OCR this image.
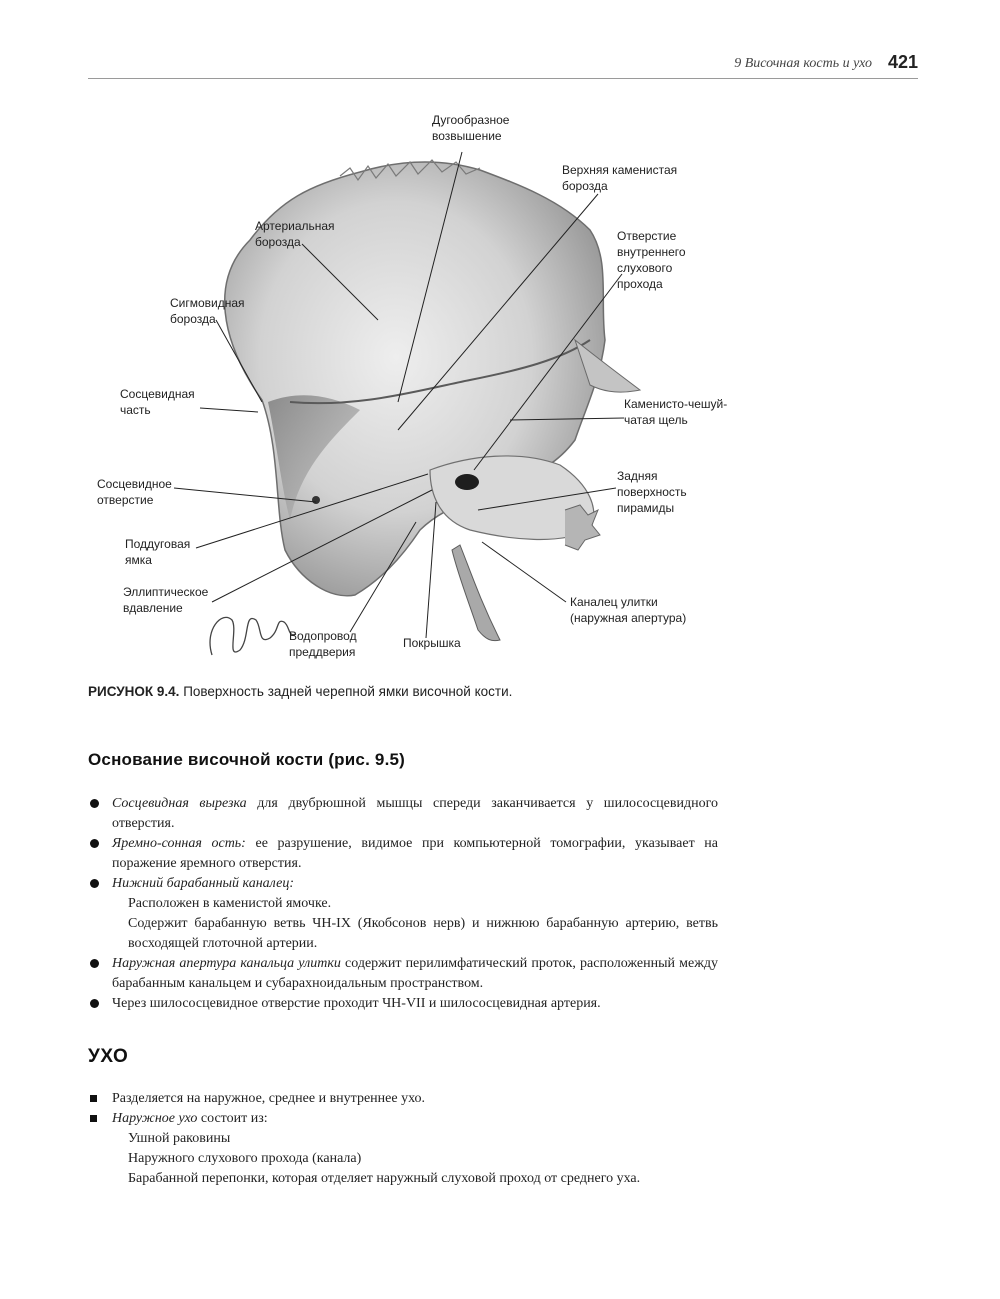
9 Височная кость и ухо 421
Дугообразное
возвышение
Верхняя каменистая
борозда
Артериальная
борозда	Отверстие
внутреннего
слухового
прохода
Сигмовидная
борозда
Сосцевидная
часть	Каменисто-чешуй-
чатая щель
Сосцевидное
отверстие
Задняя
поверхность
пирамиды
Поддуговая
ямка
Эллиптическое
вдавление	Каналец улитки
(наружная апертура)
Водопровод
преддверия
Покрышка
РИСУНОК 9.4. Поверхность задней черепной ямки височной кости.
Основание височной кости (рис. 9.5)
Сосцевидная вырезка для двубрюшной мышцы спереди заканчивается у шилососцевидного отверстия.
Яремно-сонная ость: ее разрушение, видимое при компьютерной томографии, указывает на поражение яремного отверстия.
Нижний барабанный каналец:
Расположен в каменистой ямочке.
Содержит барабанную ветвь ЧН-IX (Якобсонов нерв) и нижнюю барабанную артерию, ветвь восходящей глоточной артерии.
Наружная апертура канальца улитки содержит перилимфатический проток, расположенный между барабанным канальцем и субарахноидальным пространством.
Через шилососцевидное отверстие проходит ЧН-VII и шилососцевидная артерия.
УХО
Разделяется на наружное, среднее и внутреннее ухо.
Наружное ухо состоит из:
Ушной раковины
Наружного слухового прохода (канала)
Барабанной перепонки, которая отделяет наружный слуховой проход от среднего уха.
